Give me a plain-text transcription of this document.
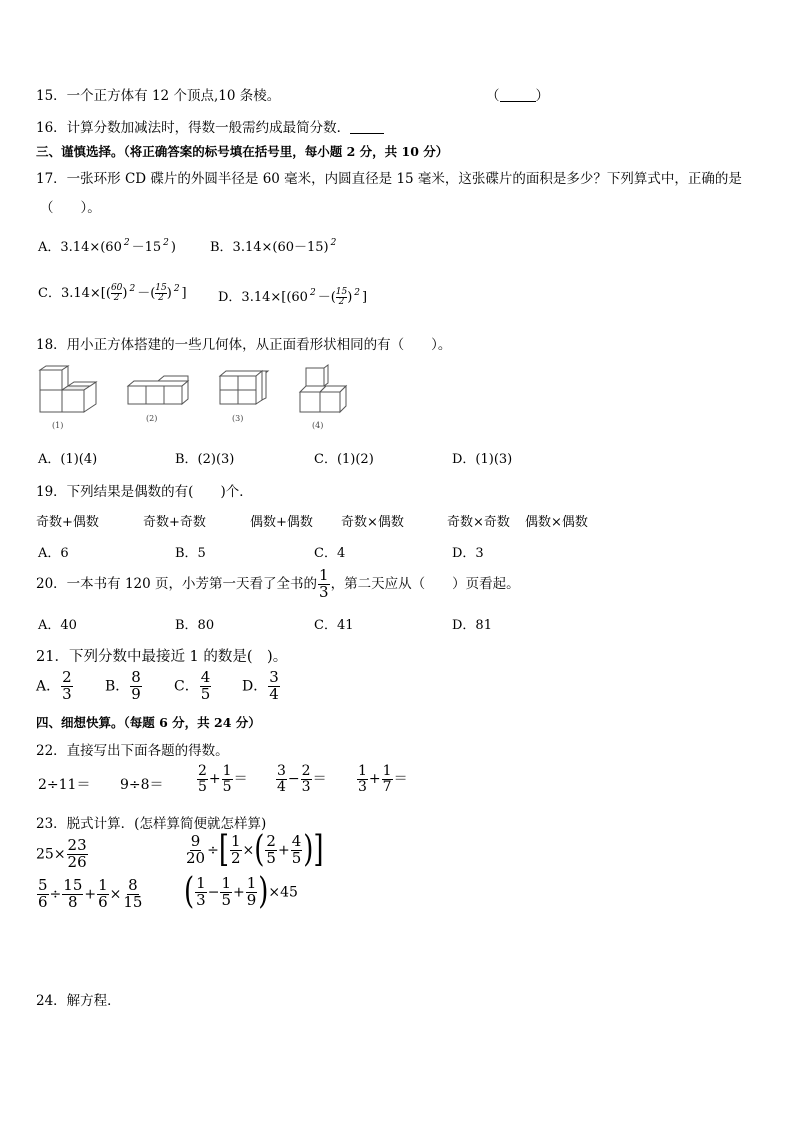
15．一个正方体有 12 个顶点,10 条棱。	（	）
16．计算分数加减法时，得数一般需约成最简分数．
三、谨慎选择。（将正确答案的标号填在括号里，每小题 2 分，共 10 分）
17．一张环形 CD 碟片的外圆半径是 60 毫米，内圆直径是 15 毫米，这张碟片的面积是多少？下列算式中，正确的是
（　　）。
A．3.14×(60 $^2$ －15 $^2$ )	B．3.14×(60－15) $^2$
C．$3.14\times[( \frac{60}{2}$ ) $^2$ －( $\frac{15}{2}$ ) $^2$ ] D．3.14×[(60 $^2$ －( $\frac{15}{2}$ ) $^2$ ]
18．用小正方体搭建的一些几何体，从正面看形状相同的有（　　）。
(1)
(2)	(3)
(4)
A．(1)(4)	B．(2)(3)	C．(1)(2)	D．(1)(3)
19．下列结果是偶数的有(　　)个．
奇数+偶数	奇数+奇数	偶数+偶数 奇数×偶数	奇数×奇数 偶数×偶数
A．6	B．5	C．4	D．3
20．一本书有 120 页，小芳第一天看了全书的 $\frac{1}{3}$ ，第二天应从（　　）页看起。
A．40	B．80	C．41	D．81
21．下列分数中最接近 1 的数是(　)。
A． $\frac{2}{3}$ B． $\frac{8}{9}$ C． $\frac{4}{5}$ D． $\frac{3}{4}$
四、细想快算。（每题 6 分，共 24 分）
22．直接写出下面各题的得数。
$2\div 11= 9\div 8= \frac{2}{5} + \frac{1}{5} = \frac{3}{4} - \frac{2}{3} = \frac{1}{3} + \frac{1}{7}$ ＝
23．脱式计算．(怎样算简便就怎样算)
$25\times \frac{23}{26}$	$\frac{9}{20}$ ÷[ $\frac{1}{2}$ ×( $\frac{2}{5} + \frac{4}{5}$ )]
$\frac{5}{6} \div \frac{15}{8} + \frac{1}{6} \times \frac{8}{15}$ ( $\frac{1}{3} - \frac{1}{5} + \frac{1}{9} )\times 45$
24．解方程．
